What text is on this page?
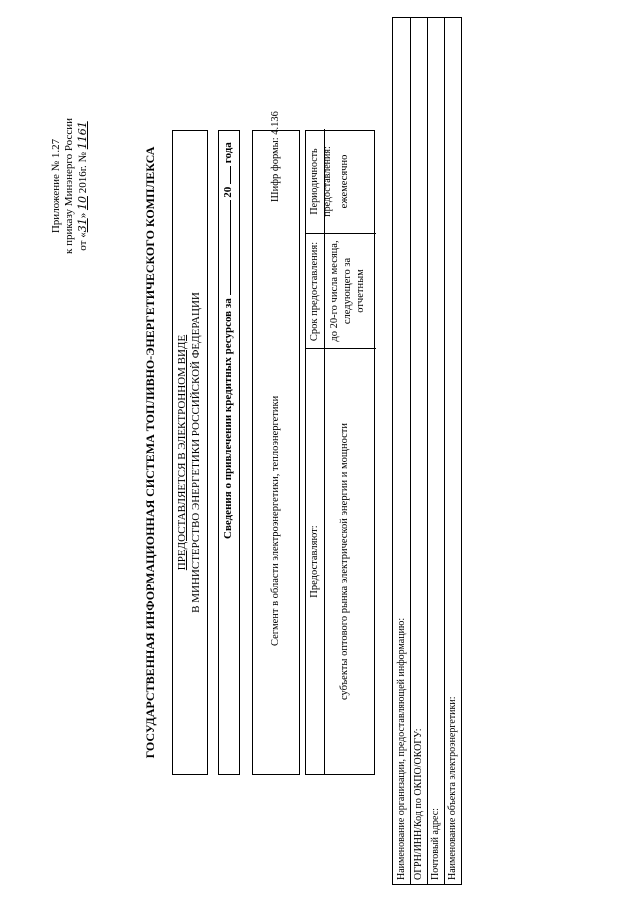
Приложение № 1.27 к приказу Минэнерго России от «31» 10 2016г. № 1161
ГОСУДАРСТВЕННАЯ ИНФОРМАЦИОННАЯ СИСТЕМА ТОПЛИВНО-ЭНЕРГЕТИЧЕСКОГО КОМПЛЕКСА ПРЕДОСТАВЛЯЕТСЯ В ЭЛЕКТРОННОМ ВИДЕ В МИНИСТЕРСТВО ЭНЕРГЕТИКИ РОССИЙСКОЙ ФЕДЕРАЦИИ Сведения о привлечении кредитных ресурсов за  20  года
Сегмент в области электроэнергетики, теплоэнергетики
Шифр формы: 4.136
Предоставляют:
Срок предоставления:
Периодичность предоставления:
субъекты оптового рынка электрической энергии и мощности
до 20-го числа месяца, следующего за отчетным
ежемесячно
Наименование организации, предоставляющей информацию: ОГРН/ИНН/Код по ОКПО/ОКОГУ: Почтовый адрес: Наименование объекта электроэнергетики:
